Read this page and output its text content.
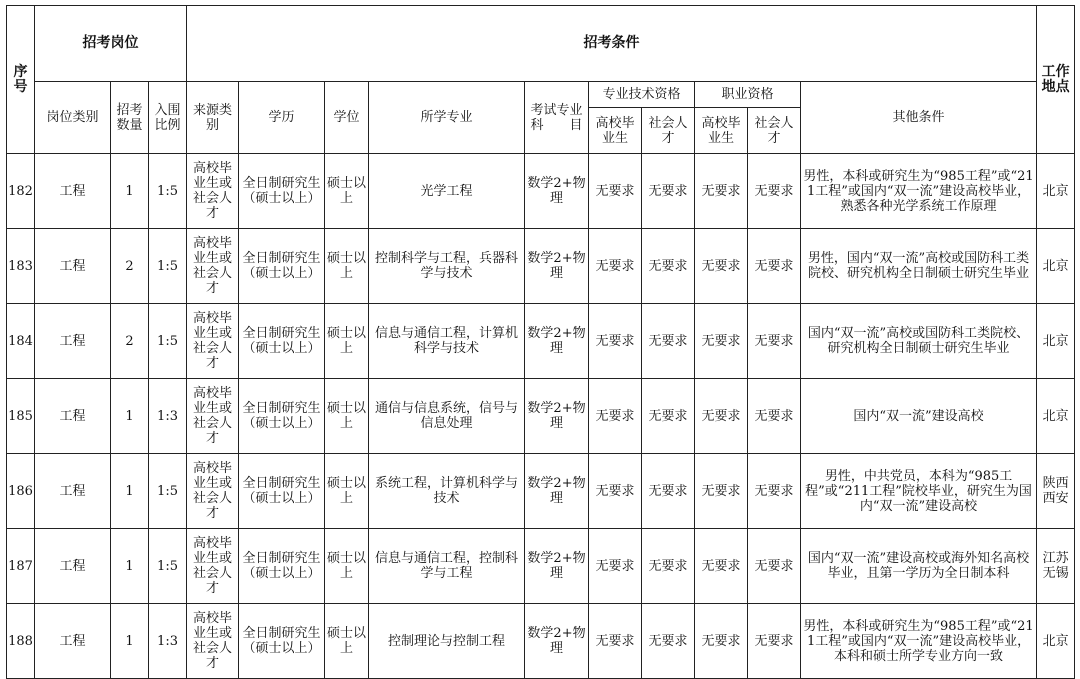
序号	招考岗位			招考条件										工作地点
	岗位类别	招考数量	入围比例	来源类别	学历	学位	所学专业	考试专业科　　目	专业技术资格		职业资格		其他条件	
									高校毕业生	社会人才	高校毕业生	社会人才		
182	工程	1	1:5	高校毕业生或社会人才	全日制研究生（硕士以上）	硕士以上	光学工程	数学2+物理	无要求	无要求	无要求	无要求	男性，本科或研究生为“985工程”或“211工程”或国内“双一流”建设高校毕业，熟悉各种光学系统工作原理	北京
183	工程	2	1:5	高校毕业生或社会人才	全日制研究生（硕士以上）	硕士以上	控制科学与工程，兵器科学与技术	数学2+物理	无要求	无要求	无要求	无要求	男性，国内“双一流”高校或国防科工类院校、研究机构全日制硕士研究生毕业	北京
184	工程	2	1:5	高校毕业生或社会人才	全日制研究生（硕士以上）	硕士以上	信息与通信工程，计算机科学与技术	数学2+物理	无要求	无要求	无要求	无要求	国内“双一流”高校或国防科工类院校、研究机构全日制硕士研究生毕业	北京
185	工程	1	1:3	高校毕业生或社会人才	全日制研究生（硕士以上）	硕士以上	通信与信息系统，信号与信息处理	数学2+物理	无要求	无要求	无要求	无要求	国内“双一流”建设高校	北京
186	工程	1	1:5	高校毕业生或社会人才	全日制研究生（硕士以上）	硕士以上	系统工程，计算机科学与技术	数学2+物理	无要求	无要求	无要求	无要求	男性，中共党员，本科为“985工程”或“211工程”院校毕业，研究生为国内“双一流”建设高校	陕西西安
187	工程	1	1:5	高校毕业生或社会人才	全日制研究生（硕士以上）	硕士以上	信息与通信工程，控制科学与工程	数学2+物理	无要求	无要求	无要求	无要求	国内“双一流”建设高校或海外知名高校毕业，且第一学历为全日制本科	江苏无锡
188	工程	1	1:3	高校毕业生或社会人才	全日制研究生（硕士以上）	硕士以上	控制理论与控制工程	数学2+物理	无要求	无要求	无要求	无要求	男性，本科或研究生为“985工程”或“211工程”或国内“双一流”建设高校毕业，本科和硕士所学专业方向一致	北京
